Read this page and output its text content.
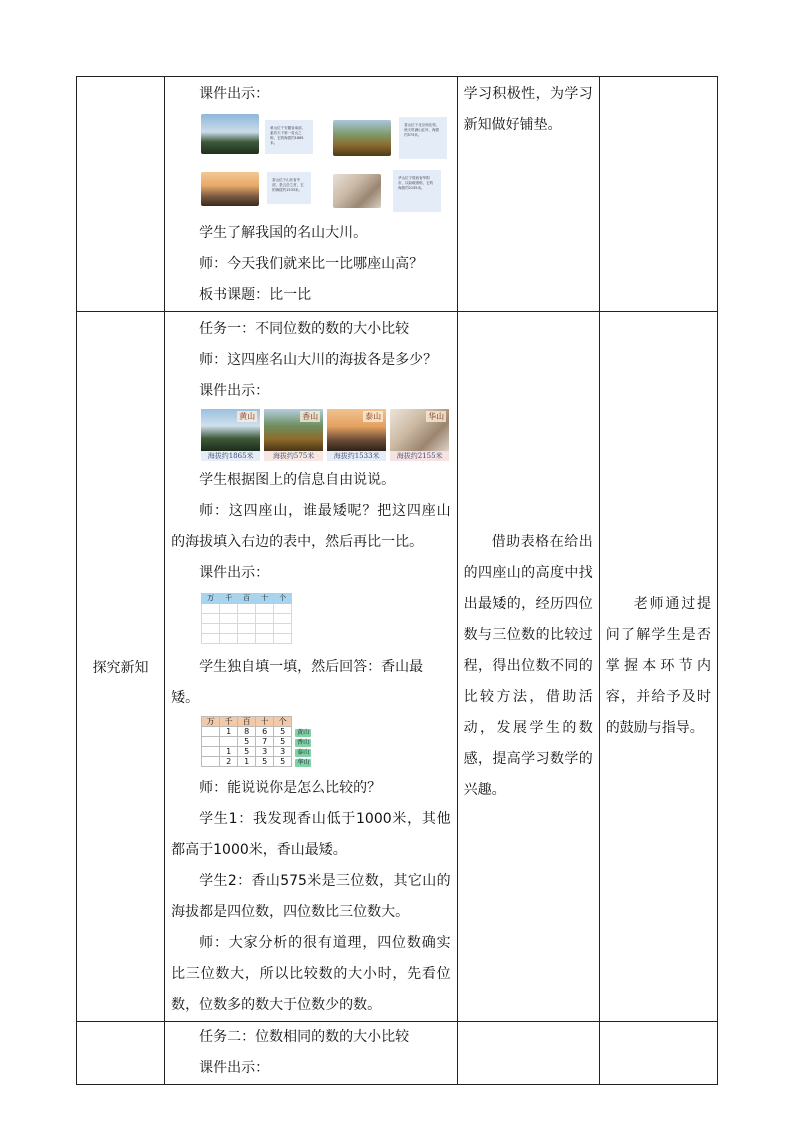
课件出示：

黄山位于安徽省南部，素有天下第一奇山之称，它的海拔约1865米。
香山位于北京西北郊，秋天时满山红叶，海拔约575米。
泰山位于山东省中部，是五岳之首，它的海拔约1533米。
华山位于陕西省华阴市，以险峻著称，它的海拔约2155米。

学生了解我国的名山大川。

师：今天我们就来比一比哪座山高？

板书课题：比一比

学习积极性，为学习新知做好铺垫。

探究新知

任务一：不同位数的数的大小比较

师：这四座名山大川的海拔各是多少？

课件出示：

黄山
海拔约1865米
香山
海拔约575米
泰山
海拔约1533米
华山
海拔约2155米

学生根据图上的信息自由说说。

师：这四座山，谁最矮呢？把这四座山的海拔填入右边的表中，然后再比一比。

课件出示：

万	千	百	十	个

学生独自填一填，然后回答：香山最矮。

万	千	百	十	个	
	1	8	6	5	黄山
		5	7	5	香山
	1	5	3	3	泰山
	2	1	5	5	华山

师：能说说你是怎么比较的？

学生1：我发现香山低于1000米，其他都高于1000米，香山最矮。

学生2：香山575米是三位数，其它山的海拔都是四位数，四位数比三位数大。

师：大家分析的很有道理，四位数确实比三位数大，所以比较数的大小时，先看位数，位数多的数大于位数少的数。

借助表格在给出的四座山的高度中找出最矮的，经历四位数与三位数的比较过程，得出位数不同的比较方法，借助活动，发展学生的数感，提高学习数学的兴趣。

老师通过提问了解学生是否掌握本环节内容，并给予及时的鼓励与指导。

任务二：位数相同的数的大小比较

课件出示：
